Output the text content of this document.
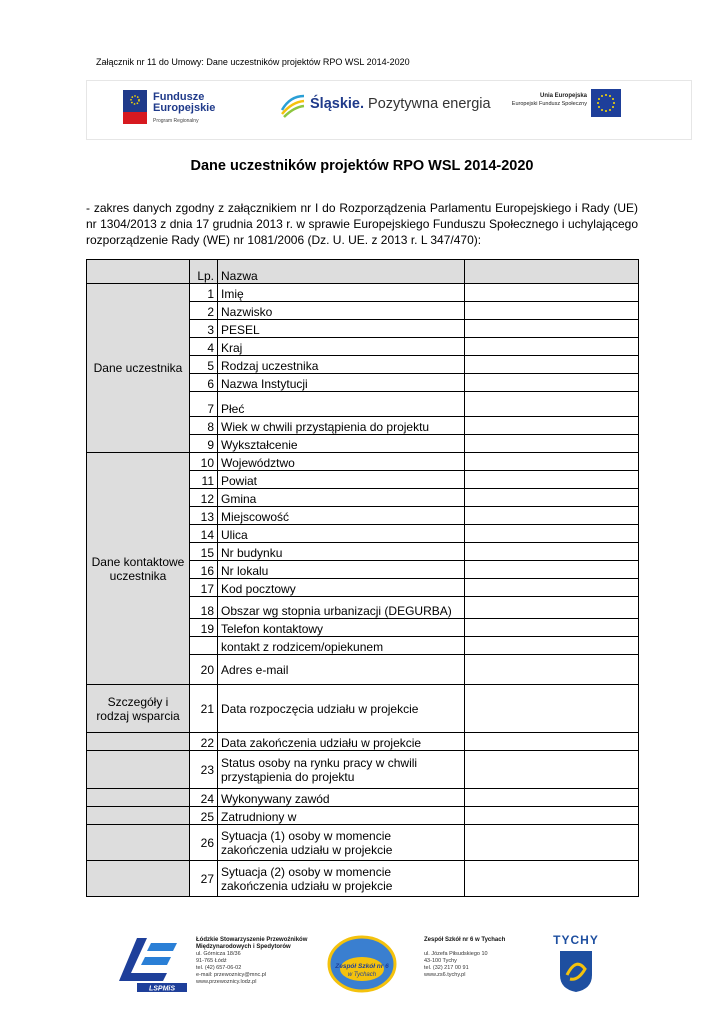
Załącznik nr 11 do Umowy: Dane uczestników projektów RPO WSL 2014-2020
Fundusze
Europejskie
Program Regionalny
Śląskie. Pozytywna energia	Unia Europejska
Europejski Fundusz Społeczny
Dane uczestników projektów RPO WSL 2014-2020
- zakres danych zgodny z załącznikiem nr I do Rozporządzenia Parlamentu Europejskiego i Rady (UE) nr 1304/2013 z dnia 17 grudnia 2013 r. w sprawie Europejskiego Funduszu Społecznego i uchylającego rozporządzenie Rady (WE) nr 1081/2006 (Dz. U. UE. z 2013 r. L 347/470):
	Lp.	Nazwa	
Dane uczestnika	1	Imię	
	2	Nazwisko	
	3	PESEL	
	4	Kraj	
	5	Rodzaj uczestnika	
	6	Nazwa Instytucji	
	7	Płeć	
	8	Wiek w chwili przystąpienia do projektu	
	9	Wykształcenie	
Dane kontaktowe uczestnika	10	Województwo	
	11	Powiat	
	12	Gmina	
	13	Miejscowość	
	14	Ulica	
	15	Nr budynku	
	16	Nr lokalu	
	17	Kod pocztowy	
	18	Obszar wg stopnia urbanizacji (DEGURBA)	
	19	Telefon kontaktowy	
		kontakt z rodzicem/opiekunem	
	20	Adres e-mail	
Szczegóły i rodzaj wsparcia	21	Data rozpoczęcia udziału w projekcie	
	22	Data zakończenia udziału w projekcie	
	23	Status osoby na rynku pracy w chwili przystąpienia do projektu	
	24	Wykonywany zawód	
	25	Zatrudniony w	
	26	Sytuacja (1) osoby w momencie zakończenia udziału w projekcie	
	27	Sytuacja (2) osoby w momencie zakończenia udziału w projekcie	
LSPMiS
Łódzkie Stowarzyszenie Przewoźników
Międzynarodowych i Spedytorów
ul. Górnicza 18/36
91-765 Łódź
tel. (42) 657-06-02
e-mail: przewoznicy@mnc.pl
www.przewoznicy.lodz.pl
Zespół Szkół nr 6
w Tychach
Zespół Szkół nr 6 w Tychach

ul. Józefa Piłsudskiego 10
43-100 Tychy
tel. (32) 217 00 91
www.zs6.tychy.pl
TYCHY
